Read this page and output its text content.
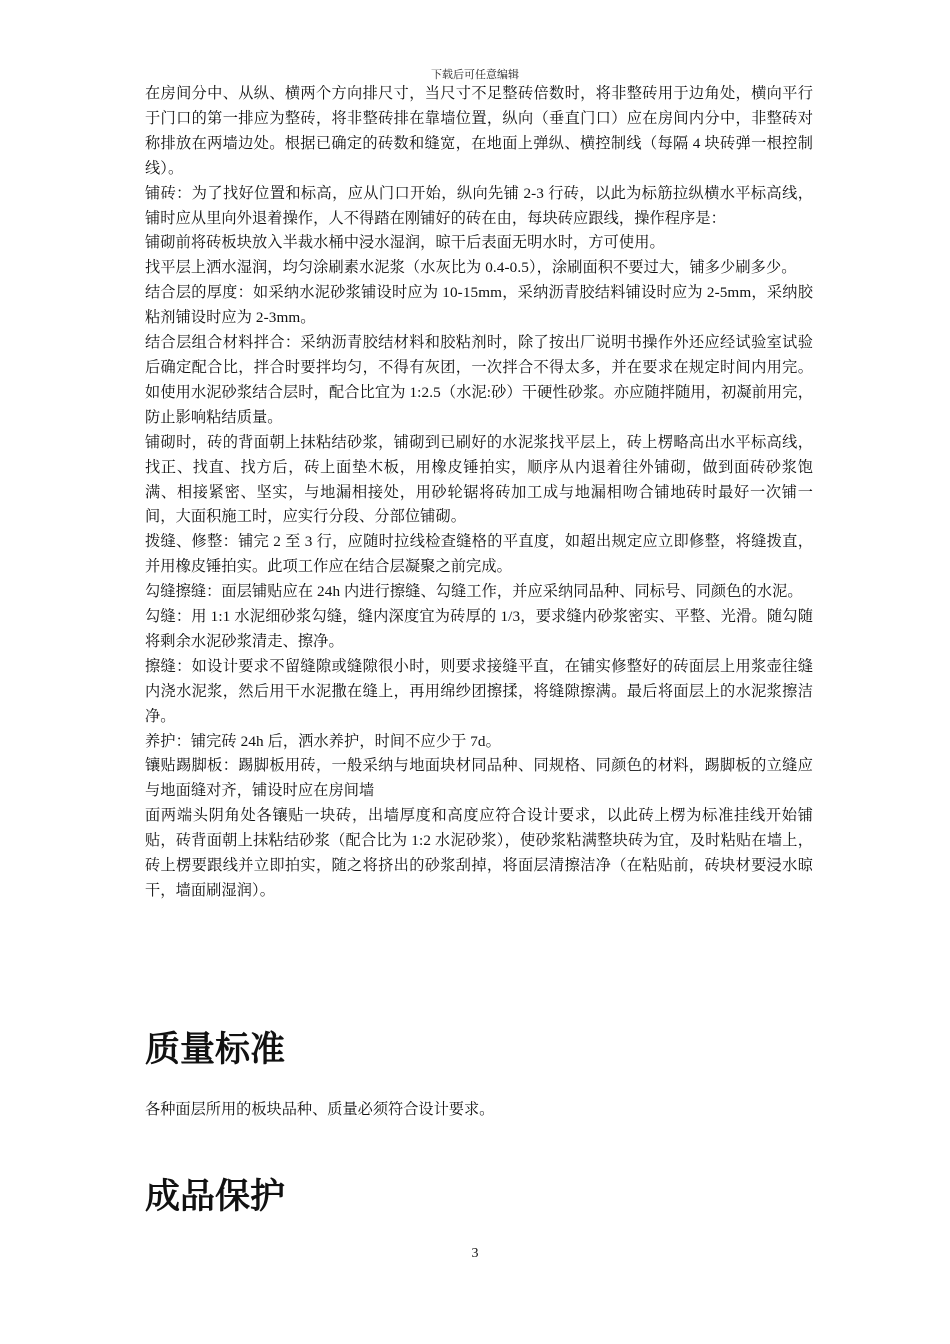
下载后可任意编辑

在房间分中、从纵、横两个方向排尺寸，当尺寸不足整砖倍数时，将非整砖用于边角处，横向平行于门口的第一排应为整砖，将非整砖排在靠墙位置，纵向（垂直门口）应在房间内分中，非整砖对称排放在两墙边处。根据已确定的砖数和缝宽，在地面上弹纵、横控制线（每隔 4 块砖弹一根控制线）。

铺砖：为了找好位置和标高，应从门口开始，纵向先铺 2-3 行砖，以此为标筋拉纵横水平标高线，铺时应从里向外退着操作，人不得踏在刚铺好的砖在由，每块砖应跟线，操作程序是：

铺砌前将砖板块放入半裁水桶中浸水湿润，晾干后表面无明水时，方可使用。

找平层上洒水湿润，均匀涂刷素水泥浆（水灰比为 0.4-0.5），涂刷面积不要过大，铺多少刷多少。

结合层的厚度：如采纳水泥砂浆铺设时应为 10-15mm，采纳沥青胶结料铺设时应为 2-5mm，采纳胶粘剂铺设时应为 2-3mm。

结合层组合材料拌合：采纳沥青胶结材料和胶粘剂时，除了按出厂说明书操作外还应经试验室试验后确定配合比，拌合时要拌均匀，不得有灰团，一次拌合不得太多，并在要求在规定时间内用完。如使用水泥砂浆结合层时，配合比宜为 1:2.5（水泥:砂）干硬性砂浆。亦应随拌随用，初凝前用完，防止影响粘结质量。

铺砌时，砖的背面朝上抹粘结砂浆，铺砌到已刷好的水泥浆找平层上，砖上楞略高出水平标高线，找正、找直、找方后，砖上面垫木板，用橡皮锤拍实，顺序从内退着往外铺砌，做到面砖砂浆饱满、相接紧密、坚实，与地漏相接处，用砂轮锯将砖加工成与地漏相吻合铺地砖时最好一次铺一间，大面积施工时，应实行分段、分部位铺砌。

拨缝、修整：铺完 2 至 3 行，应随时拉线检查缝格的平直度，如超出规定应立即修整，将缝拨直，并用橡皮锤拍实。此项工作应在结合层凝聚之前完成。

勾缝擦缝：面层铺贴应在 24h 内进行擦缝、勾缝工作，并应采纳同品种、同标号、同颜色的水泥。

勾缝：用 1:1 水泥细砂浆勾缝，缝内深度宜为砖厚的 1/3，要求缝内砂浆密实、平整、光滑。随勾随将剩余水泥砂浆清走、擦净。

擦缝：如设计要求不留缝隙或缝隙很小时，则要求接缝平直，在铺实修整好的砖面层上用浆壶往缝内浇水泥浆，然后用干水泥撒在缝上，再用绵纱团擦揉，将缝隙擦满。最后将面层上的水泥浆擦洁净。

养护：铺完砖 24h 后，洒水养护，时间不应少于 7d。

镶贴踢脚板：踢脚板用砖，一般采纳与地面块材同品种、同规格、同颜色的材料，踢脚板的立缝应与地面缝对齐，铺设时应在房间墙

面两端头阴角处各镶贴一块砖，出墙厚度和高度应符合设计要求，以此砖上楞为标准挂线开始铺贴，砖背面朝上抹粘结砂浆（配合比为 1:2 水泥砂浆），使砂浆粘满整块砖为宜，及时粘贴在墙上，砖上楞要跟线并立即拍实，随之将挤出的砂浆刮掉，将面层清擦洁净（在粘贴前，砖块材要浸水晾干，墙面刷湿润）。

质量标准

各种面层所用的板块品种、质量必须符合设计要求。

成品保护
3
